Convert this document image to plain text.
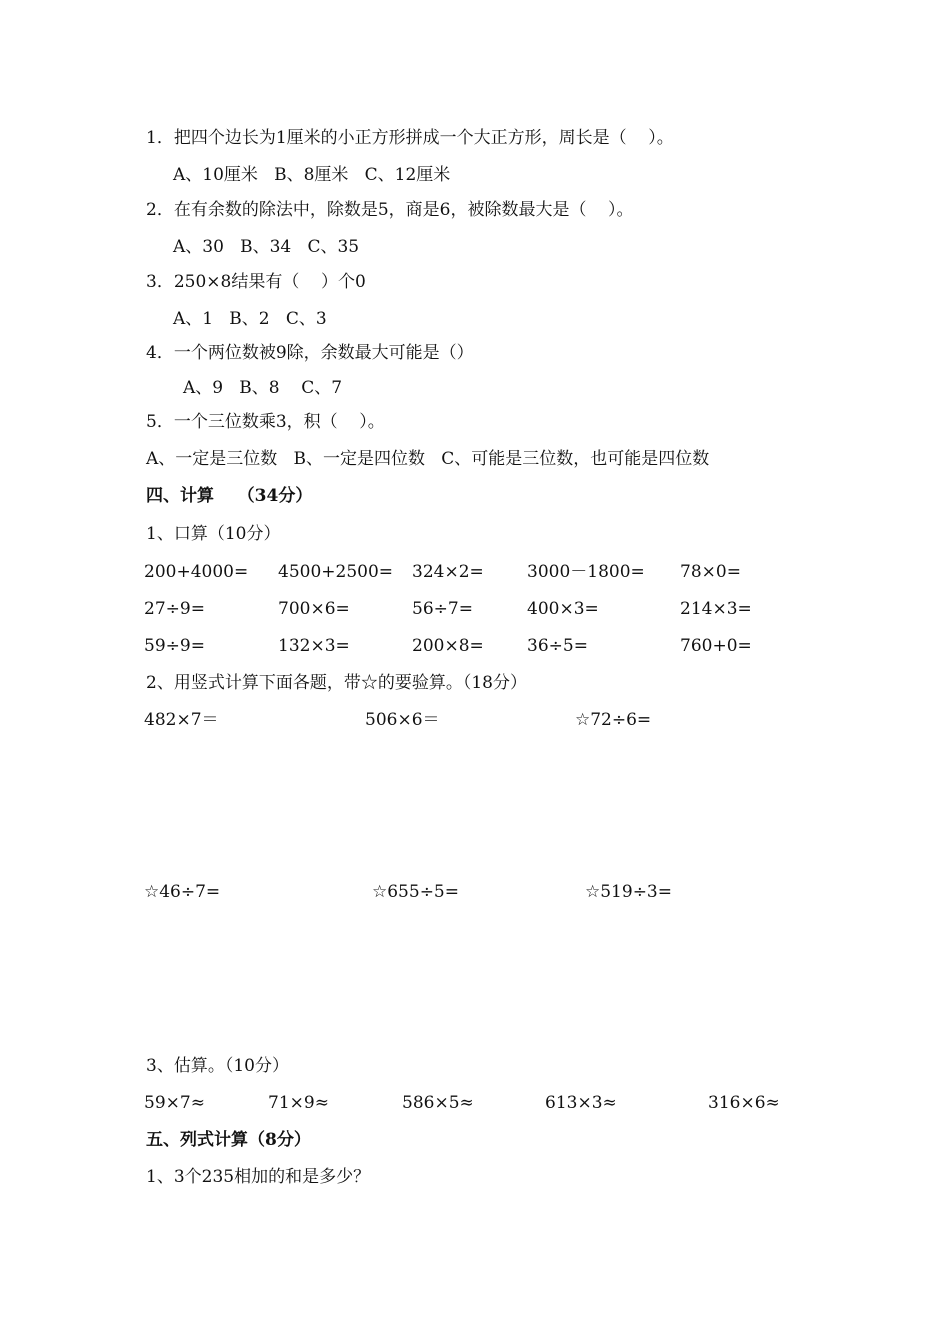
1．把四个边长为1厘米的小正方形拼成一个大正方形，周长是（    ）。
A、10厘米   B、8厘米   C、12厘米
2．在有余数的除法中，除数是5，商是6，被除数最大是（    ）。
A、30   B、34   C、35
3．250×8结果有（    ）个0
A、1   B、2   C、3
4．一个两位数被9除，余数最大可能是（）
A、9   B、8    C、7
5．一个三位数乘3，积（    ）。
A、一定是三位数   B、一定是四位数   C、可能是三位数，也可能是四位数
四、计算    （34分）
1、口算（10分）
200+4000= 4500+2500= 324×2=	3000－1800= 78×0=
27÷9=	700×6=	56÷7=	400×3=	214×3=
59÷9=	132×3=	200×8=	36÷5=	760+0=
2、用竖式计算下面各题，带☆的要验算。（18分）
482×7＝	506×6＝	☆72÷6=
☆46÷7=	☆655÷5=	☆519÷3=
3、估算。（10分）
59×7≈	71×9≈	586×5≈	613×3≈	316×6≈
五、列式计算（8分）
1、3个235相加的和是多少？
